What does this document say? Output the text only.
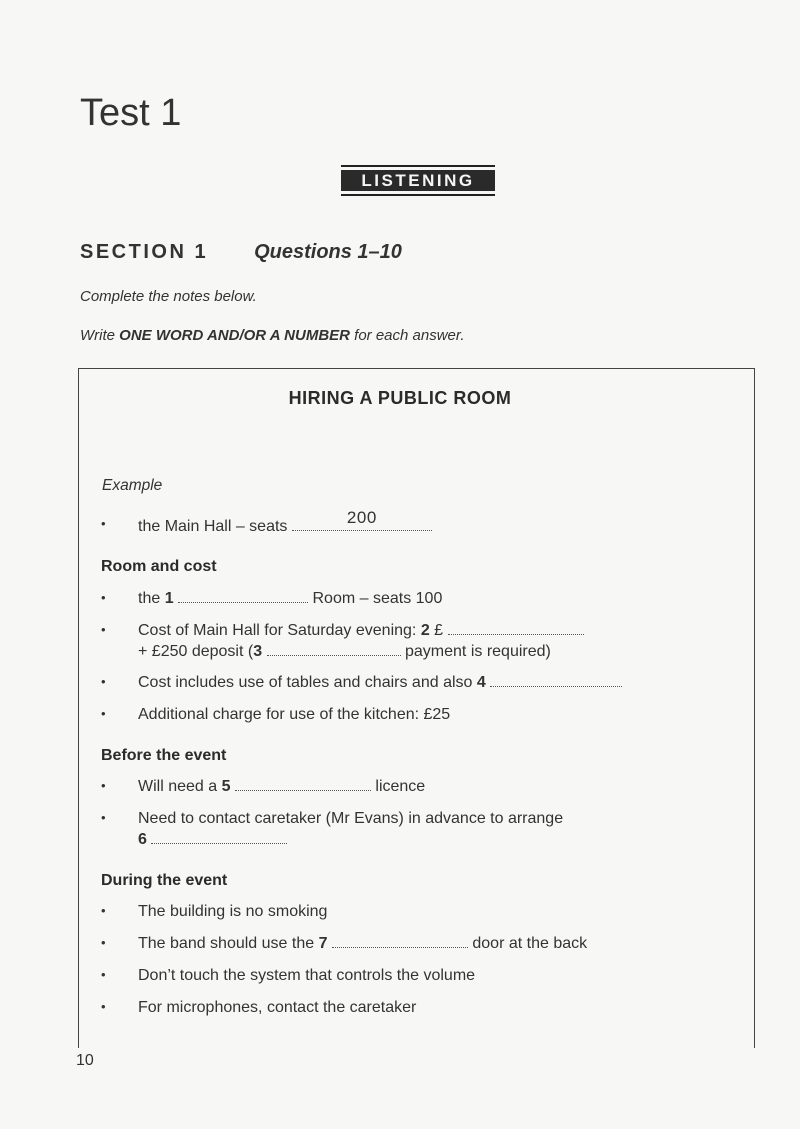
Test 1
LISTENING
SECTION 1 Questions 1–10
Complete the notes below.
Write ONE WORD AND/OR A NUMBER for each answer.
HIRING A PUBLIC ROOM
Example
• the Main Hall – seats	200
Room and cost
• the 1	Room – seats 100
• Cost of Main Hall for Saturday evening: 2 £
+ £250 deposit (3	payment is required)
• Cost includes use of tables and chairs and also 4
• Additional charge for use of the kitchen: £25
Before the event
• Will need a 5	licence
• Need to contact caretaker (Mr Evans) in advance to arrange
6
During the event
• The building is no smoking
• The band should use the 7	door at the back
• Don’t touch the system that controls the volume
• For microphones, contact the caretaker
10
